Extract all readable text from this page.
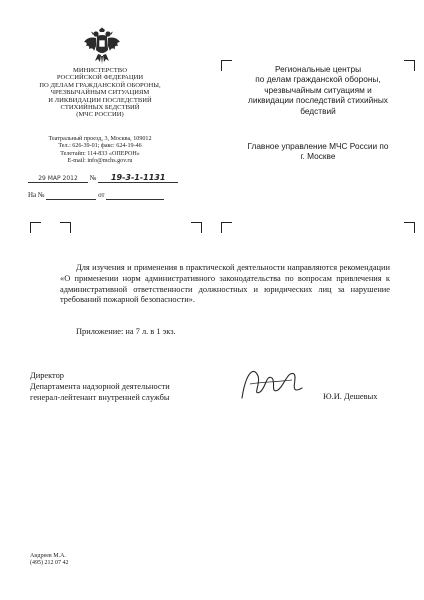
МИНИСТЕРСТВО
РОССИЙСКОЙ ФЕДЕРАЦИИ
ПО ДЕЛАМ ГРАЖДАНСКОЙ ОБОРОНЫ,
ЧРЕЗВЫЧАЙНЫМ СИТУАЦИЯМ
И ЛИКВИДАЦИИ ПОСЛЕДСТВИЙ
СТИХИЙНЫХ БЕДСТВИЙ
(МЧС РОССИИ)
Театральный проезд, 3, Москва, 109012
Тел.: 626-39-01; факс: 624-19-46
Телетайп: 114-833 «ОПЕРОН»
E-mail: info@mchs.gov.ru
29 МАР 2012 № 19-3-1-1131
На №	от
Региональные центры
по делам гражданской обороны,
чрезвычайным ситуациям и
ликвидации последствий стихийных
бедствий
Главное управление МЧС России по
г. Москве

Для изучения и применения в практической деятельности направляются рекомендации «О применении норм административного законодательства по вопросам привлечения к административной ответственности должностных и юридических лиц за нарушение требований пожарной безопасности».

Приложение: на 7 л. в 1 экз.
Директор
Департамента надзорной деятельности
генерал-лейтенант внутренней службы	Ю.И. Дешевых
Андреев М.А.
(495) 212 07 42
